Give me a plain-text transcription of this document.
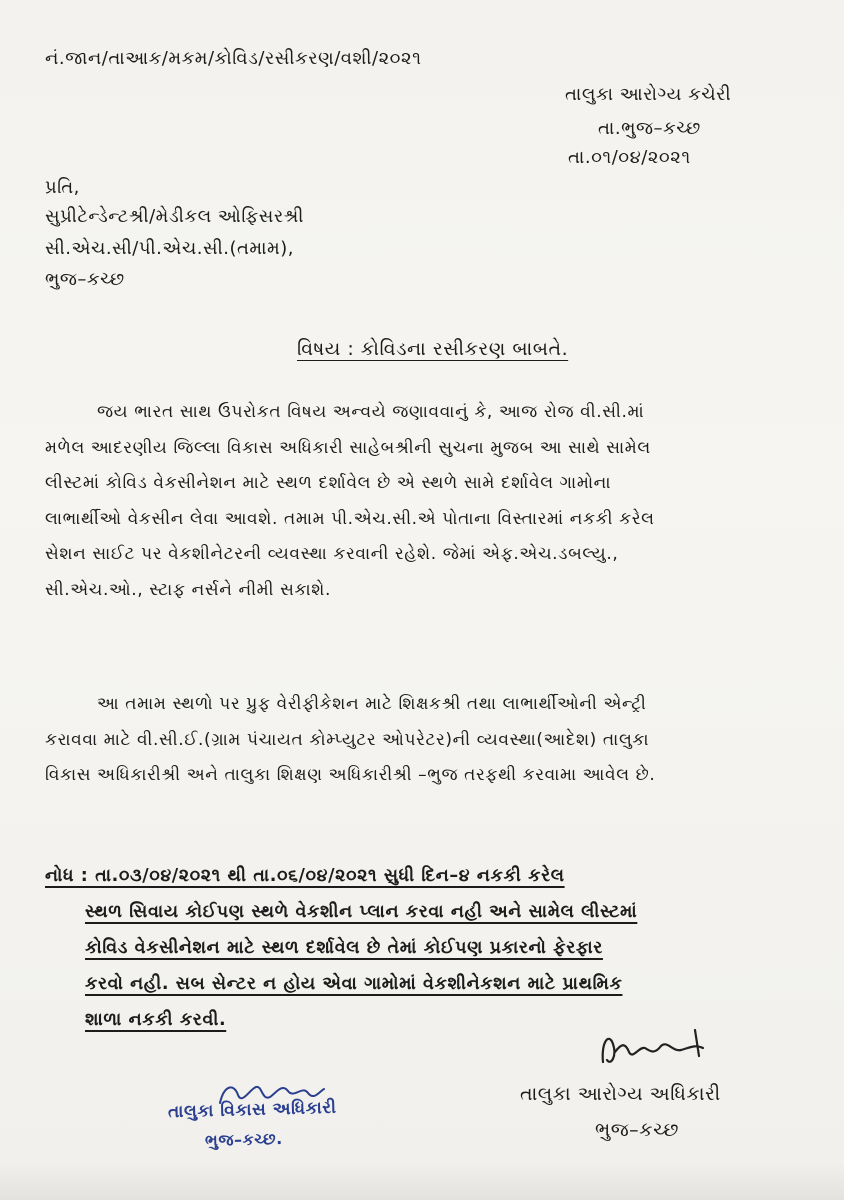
નં.જાન/તાઆક/મકમ/કોવિડ/રસીકરણ/વશી/૨૦૨૧
તાલુકા આરોગ્ય કચેરી
તા.ભુજ–કચ્છ
તા.૦૧/૦૪/૨૦૨૧
પ્રતિ,
સુપ્રીટેન્ડેન્ટશ્રી/મેડીકલ ઓફિસરશ્રી
સી.એચ.સી/પી.એચ.સી.(તમામ),
ભુજ–કચ્છ
વિષય : કોવિડના રસીકરણ બાબતે.
જય ભારત સાથ ઉપરોકત વિષય અન્વયે જણાવવાનું કે, આજ રોજ વી.સી.માં
મળેલ આદરણીય જિલ્લા વિકાસ અધિકારી સાહેબશ્રીની સુચના મુજબ આ સાથે સામેલ
લીસ્ટમાં કોવિડ વેકસીનેશન માટે સ્થળ દર્શાવેલ છે એ સ્થળે સામે દર્શાવેલ ગામોના
લાભાર્થીઓ વેકસીન લેવા આવશે. તમામ પી.એચ.સી.એ પોતાના વિસ્તારમાં નકકી કરેલ
સેશન સાઈટ પર વેકશીનેટરની વ્યવસ્થા કરવાની રહેશે. જેમાં એફ.એચ.ડબલ્યુ.,
સી.એચ.ઓ., સ્ટાફ નર્સને નીમી સકાશે.
આ તમામ સ્થળો પર પ્રુફ વેરીફીકેશન માટે શિક્ષકશ્રી તથા લાભાર્થીઓની એન્ટ્રી
કરાવવા માટે વી.સી.ઈ.(ગ્રામ પંચાયત કોમ્પ્યુટર ઓપરેટર)ની વ્યવસ્થા(આદેશ) તાલુકા
વિકાસ અધિકારીશ્રી અને તાલુકા શિક્ષણ અધિકારીશ્રી –ભુજ તરફથી કરવામા આવેલ છે.
નોધ : તા.૦૩/૦૪/૨૦૨૧ થી તા.૦૬/૦૪/૨૦૨૧ સુધી દિન–૪ નકકી કરેલ
સ્થળ સિવાય કોઈપણ સ્થળે વેકશીન પ્લાન કરવા નહી અને સામેલ લીસ્ટમાં
કોવિડ વેકસીનેશન માટે સ્થળ દર્શાવેલ છે તેમાં કોઈપણ પ્રકારનો ફેરફાર
કરવો નહી. સબ સેન્ટર ન હોય એવા ગામોમાં વેકશીનેકશન માટે પ્રાથમિક
શાળા નકકી કરવી.
તાલુકા આરોગ્ય અધિકારી
ભુજ–કચ્છ
તાલુકા વિકાસ અધિકારી
ભુજ–કચ્છ.
